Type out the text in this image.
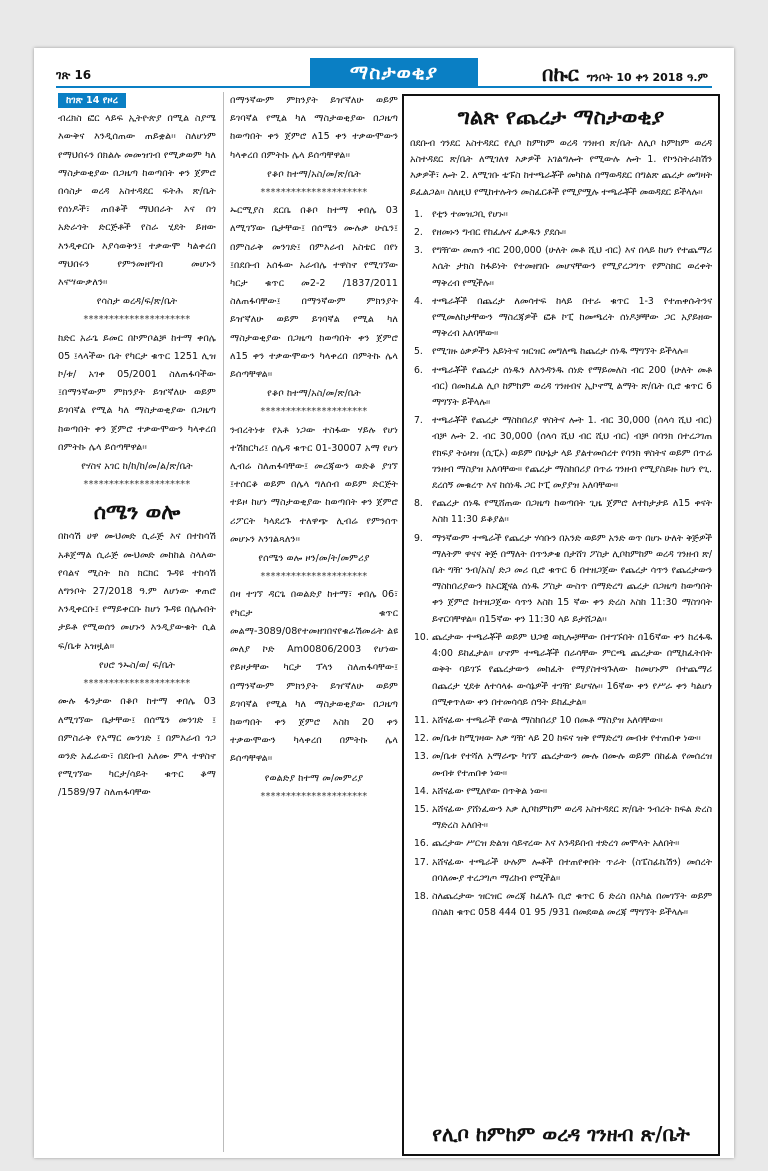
ገጽ 16	ማስታወቂያ	በኩር ግንቦት 10 ቀን 2018 ዓ.ም
ከገጽ 14 የዞረ

ብረክስ ፎር ላይፍ ኢትዮጵያ በሚል ስያሜ እውቅና እንዲሰጠው ጠይቋል፡፡ ስለሆነም የማህበሩን በክልሉ መመዝገብ የሚቃወም ካለ ማስታወቂያው በጋዜጣ ከወጣበት ቀን ጀምሮ በሳስታ ወረዳ አስተዳደር ፍትሕ ጽ/ቤት የሰነዶች፣ ጠበቆች ማህበራት እና በጎ አድራጎት ድርጅቶች የስራ ሂደት ይዘው እንዲቀርቡ እያሳወቅን፤ ተቃውሞ ካልቀረበ ማህበሩን የምንመዘግብ መሆኑን እናሣውቃለን፡፡

የሳስታ ወረዳ/ፍ/ጽ/ቤት

*********************

ከድር አራጌ ይመር በኮምቦልቻ ከተማ ቀበሌ 05 ፤ላላችው ቤት የካርታ ቁጥር 1251 ሊዝ ኮ/ቱ/ አገቀ 05/2001 ስለጠፋባችው ፤በማንኛውም ምክንያት ይዠኛለሁ ወይም ይገባኛል የሚል ካለ ማስታወቂያው በጋዜጣ ከወጣበት ቀን ጀምሮ ተቃውሞውን ካላቀረበ በምትኩ ሌላ ይሰጣቸዋል፡፡

የሃስና አገር ከ/ከ/ከ/መ/ል/ጽ/ቤት

*********************

ሰሜን ወሎ

በከሳሽ ሀዋ ሙህመድ ሲራጅ እና በተከሳሽ አቶጀማል ሲራጅ ሙህመድ መከከል ስላለው የባልና ሚስት ክስ ክርክር ጉዳዩ ተከሳሽ ለግንቦት 27/2018 ዓ.ም ለሆነው ቀጠሮ እንዲቀርቡ፤ የማይቀርቡ ከሆነ ጉዳዩ በሌሉበት ታይቶ የሚወሰን መሆኑን እንዲያውቁት ሲል ፍ/ቤቱ አዝዟል፡፡

የሀሮ ንኡስ/ወ/ ፍ/ቤት

*********************

ሙሉ ፋንታው በቆቦ ከተማ ቀበሌ 03 ለሚገኘው ቤታቸው፤ በሰሜን መንገድ ፤ በምስራቅ የአማር መንገድ ፤ በምእራብ ጎጋ ወንድ አፈራው፣ በደቡብ አለሙ ምላ ተዋስኖ የሚገኘው ካርታ/ሳይት ቁጥር ቆማ /1589/97 ስለጠፋባቸው

በማንኛውም ምክንያት ይዠኛለሁ ወይም ይገባኛል የሚል ካለ ማስታወቂያው በጋዜጣ ከወጣበት ቀን ጀምሮ ለ15 ቀን ተቃውሞውን ካላቀረበ በምትኩ ሌላ ይሰጣቸዋል፡፡

የቆቦ ከተማ/አስ/መ/ጽ/ቤት

*********************

ኡርሚያስ ደርቤ በቆቦ ከተማ ቀበሌ 03 ለሚገኘው ቤታቸው፤ በሰሜን ሙሉቃ ሁሴን፤ በምስራቅ መንገድ፤ በምእራብ አስቴር በየነ ፤በደቡብ አሰፋው አራብሌ ተዋስኖ የሚገኘው ካርታ ቁጥር መ2-2 /1837/2011 ስለጠፋባቸው፤ በማንኛውም ምክንያት ይዠኛለሁ ወይም ይገባኛል የሚል ካለ ማስታወቂያው በጋዜጣ ከወጣበት ቀን ጀምሮ ለ15 ቀን ተቃውሞውን ካላቀረበ በምትኩ ሌላ ይሰጣቸዋል፡፡

የቆቦ ከተማ/አስ/መ/ጽ/ቤት

*********************

ንብረትነቱ የአቶ ነጋው ተስፋው ሃይሉ የሆነ ተሽከርካሪ፤ ሰሌዳ ቁጥር 01-30007 አማ የሆነ ሊብሬ ስለጠፋባቸው፤ መረጃውን ወድቆ ያገኘ ፤ተሰርቆ ወይም በሌላ ግለሰብ ወይም ድርጅት ተይዞ ከሆነ ማስታወቂያው ከወጣበት ቀን ጀምሮ ሪፖርት ካላደረጉ ተለዋጭ ሊብሬ የምንሰጥ መሆኑን እንገልጻለን፡፡

የሰሜን ወሎ ዞን/መ/ት/መምሪያ

*********************

በዛ ተገኘ ዳርጌ በወልድያ ከተማ፣ ቀበሌ 06፣ የካርታ ቁጥር መልማ-3089/08የተመዘገበናየቁራሽመሬት ልዩ መለያ ኮድ Am00806/2003 የሆነው የይዞታቸው ካርታ ፕላን ስለጠፋባቸው፤ በማንኛውም ምክንያት ይዠኛለሁ ወይም ይገባኛል የሚል ካለ ማስታወቂያው በጋዜጣ ከወጣበት ቀን ጀምሮ እስከ 20 ቀን ተቃውሞውን ካላቀረበ በምትኩ ሌላ ይሰጣቸዋል፡፡

የወልድያ ከተማ መ/መምሪያ

*********************

ግልጽ የጨረታ ማስታወቂያ

በደቡብ ጎንደር አስተዳደር የሊቦ ከምከም ወረዳ ገንዘብ ጽ/ቤት ለሊቦ ከምከም ወረዳ አስተዳደር ጽ/ቤት ለሚገለፃ እቃዎች አገልግሎት የሚውሉ ሎት 1. የኮንስትራክሽን እቃዎች፣ ሎት 2. ለሚገቡ ቴፑስ ከተጫራቾች መካከል በማወዳደር በግልጽ ጨረታ መግዛት ይፈልጋል፡፡ ስለዚህ የሚከተሉትን መስፈርቶች የሚያሟሉ ተጫራቾች መወዳደር ይችላሉ፡፡

1. የቲን ተመዝጋቢ የሆኑ፡፡
2. የዘመኑን ግብር የከፈሉና ፈቃዱን ያደሱ፡፡
3. የግዥው መጠን ብር 200,000 (ሁለት መቶ ሺህ ብር) እና በላይ ከሆነ የተጨማሪ እሴት ታክስ ከፋይነት የተመዘገቡ መሆናቸውን የሚያረጋግጥ የምስክር ወረቀት ማቅረብ የሚችሉ፡፡
4. ተጫራቾች በጨረታ ለመሳተፍ ከላይ በተራ ቁጥር 1-3 የተጠቀሱትንና የሚመለከታቸውን ማስረጃዎች ፎቶ ኮፒ ከመጫረት ሰነዶቻቸው ጋር አያይዘው ማቅረብ አለባቸው፡፡
5. የሚገዙ ዕቃዎችን አይነትና ዝርዝር መግለጫ ከጨረታ ሰነዱ ማግኘት ይችላሉ፡፡
6. ተጫራቾች የጨረታ ሰነዱን ለእንዳንዱ ሰነድ የማይመለስ ብር 200 (ሁለት መቶ ብር) በመክፈል ሊቦ ከምከም ወረዳ ገንዘብና ኢኮኖሚ ልማት ጽ/ቤት ቢሮ ቁጥር 6 ማግኘት ይችላሉ፡፡
7. ተጫራቾች የጨረታ ማስከበሪያ ዋስትና ሎት 1. ብር 30,000 (ሰላሳ ሺህ ብር) ብቻ ሎት 2. ብር 30,000 (ሰላሳ ሺህ ብር ሺህ ብር) ብቻ በባንክ በተረጋገጠ የክፍያ ትዕዛዝ (ሲፒኦ) ወይም በሁኔታ ላይ ያልተመሰረተ የባንክ ዋስትና ወይም በጥሬ ገንዘብ ማስያዝ አለባቸው፡፡ የጨረታ ማስከበሪያ በጥሬ ገንዘብ የሚያስይዙ ከሆነ የጊ. ደረሰኝ መቁረጥ እና ከሰነዱ ጋር ኮፒ መያያዝ አለባቸው፡፡
8. የጨረታ ሰነዱ የሚሸጠው በጋዜጣ ከወጣበት ጊዜ ጀምሮ ለተከታታይ ለ15 ቀናት እስከ 11:30 ይቆያል፡፡
9. ማንኛውም ተጫራች የጨረታ ሃሳቡን በአንድ ወይም አንድ ወጥ በሆኑ ሁለት ቅጅዎች ማለትም ዋናና ቅጅ በማለት በጥንቃቄ በታሸገ ፖስታ ሊቦከምከም ወረዳ ገንዘብ ጽ/ቤት ግዥ ንብ/አስ/ ድጋ መሪ ቢሮ ቁጥር 6 በተዘጋጀው የጨረታ ሳጥን የጨረታውን ማስከበሪያውን ከኦርጂናል ሰነዱ ፖስታ ውስጥ በማድረግ ጨረታ በጋዜጣ ከወጣበት ቀን ጀምሮ ከተዘጋጀው ሳጥን እስከ 15 ኛው ቀን ድረስ እስከ 11:30 ማስገባት ይኖርባቸዋል፡፡ በ15ኛው ቀን 11:30 ላይ ይታሸጋል፡፡
10. ጨረታው ተጫራቾች ወይም ህጋዊ ወኪሎቻቸው በተገኙበት በ16ኛው ቀን ከረፋዱ 4:00 ይከፈታል፡፡ ሆኖም ተጫራቾች በራሳቸው ምርጫ ጨረታው በሚከፈትበት ወቅት ባይገኙ የጨረታውን መከፈት የማያስተጓጉለው ከመሆኑም በተጨማሪ በጨረታ ሂደቱ ለተሳላፉ ውሳኔዎች ተገዥ ይሆናሉ፡፡ 16ኛው ቀን የሥራ ቀን ካልሆነ በሚቀጥለው ቀን በተመሳሳይ ሰዓት ይከፈታል፡፡
11. አሸናፊው ተጫራች የውል ማስከበሪያ 10 በመቶ ማስያዝ አለባቸው፡፡
12. መ/ቤቱ ከሚገዛው እቃ ግዥ ላይ 20 ከፍና ዝቅ የማድረግ መብቱ የተጠበቀ ነው፡፡
13. መ/ቤቱ የተሻለ አማራጭ ካገኘ ጨረታውን ሙሉ በሙሉ ወይም በከፊል የመሰረዝ መብቱ የተጠበቀ ነው፡፡
14. አሸናፊው የሚለየው በጥቅል ነው፡፡
15. አሸናፊው ያሸነፈውን እቃ ሊቦከምከም ወረዳ አስተዳደር ጽ/ቤት ንብረት ክፍል ድረስ ማድረስ አለበት፡፡
16. ጨረታው ሥርዝ ድልዝ ሳይኖረው እና እንዳይበብ ተድረጎ መሞላት አለበት፡፡
17. አሸናፊው ተጫራች ሁሉም ሎቶች በተጠየቀበት ጥራት (ስፔስፊኬሽን) መሰረት በባለሙያ ተረጋግጦ ማረከብ የሚችል፡፡
18. ስለጨረታው ዝርዝር መረጃ ከፈለጉ ቢሮ ቁጥር 6 ድረስ በአካል በመገኘት ወይም በስልክ ቁጥር 058 444 01 95 /931 በመደወል መረጃ ማግኘት ይችላሉ፡፡
የሊቦ ከምከም ወረዳ ገንዘብ ጽ/ቤት
